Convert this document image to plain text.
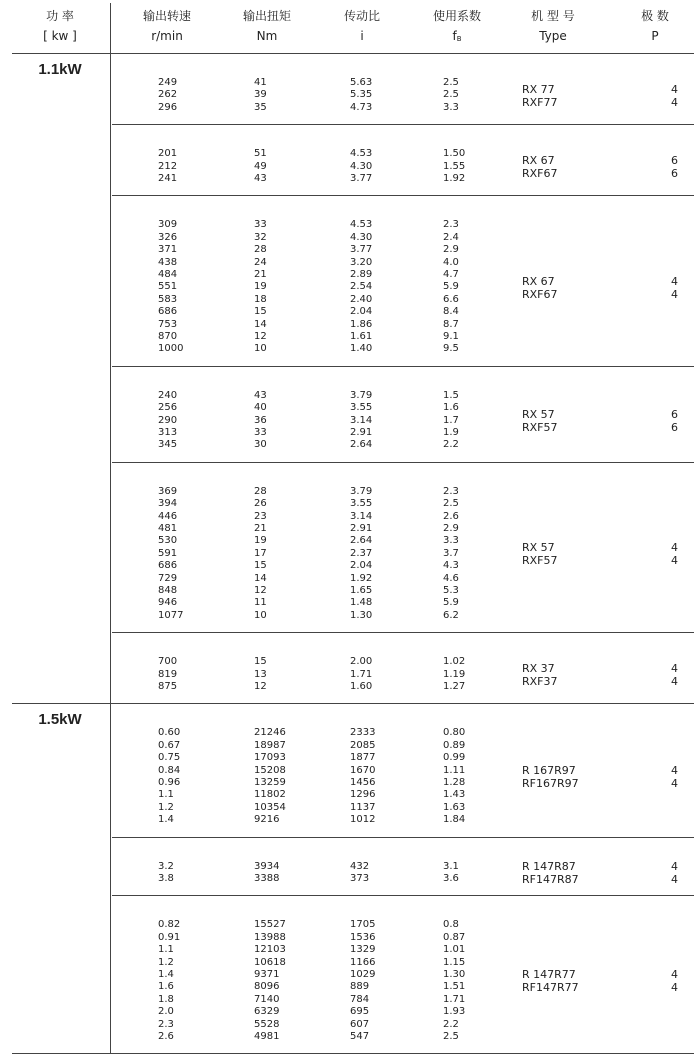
功 率
[ kw ]
输出转速
r/min
输出扭矩
Nm
传动比
i
使用系数
$f_B$
机 型 号
Type
极 数
P
1.1kW
249
262
296
41
39
35
5.63
5.35
4.73
2.5
2.5
3.3
RX 77
RXF77
4
4
201
212
241
51
49
43
4.53
4.30
3.77
1.50
1.55
1.92
RX 67
RXF67
6
6
309
326
371
438
484
551
583
686
753
870
1000
33
32
28
24
21
19
18
15
14
12
10
4.53
4.30
3.77
3.20
2.89
2.54
2.40
2.04
1.86
1.61
1.40
2.3
2.4
2.9
4.0
4.7
5.9
6.6
8.4
8.7
9.1
9.5
RX 67
RXF67
4
4
240
256
290
313
345
43
40
36
33
30
3.79
3.55
3.14
2.91
2.64
1.5
1.6
1.7
1.9
2.2
RX 57
RXF57
6
6
369
394
446
481
530
591
686
729
848
946
1077
28
26
23
21
19
17
15
14
12
11
10
3.79
3.55
3.14
2.91
2.64
2.37
2.04
1.92
1.65
1.48
1.30
2.3
2.5
2.6
2.9
3.3
3.7
4.3
4.6
5.3
5.9
6.2
RX 57
RXF57
4
4
700
819
875
15
13
12
2.00
1.71
1.60
1.02
1.19
1.27
RX 37
RXF37
4
4
1.5kW
0.60
0.67
0.75
0.84
0.96
1.1
1.2
1.4
21246
18987
17093
15208
13259
11802
10354
9216
2333
2085
1877
1670
1456
1296
1137
1012
0.80
0.89
0.99
1.11
1.28
1.43
1.63
1.84
R 167R97
RF167R97
4
4
3.2
3.8
3934
3388
432
373
3.1
3.6
R 147R87
RF147R87
4
4
0.82
0.91
1.1
1.2
1.4
1.6
1.8
2.0
2.3
2.6
15527
13988
12103
10618
9371
8096
7140
6329
5528
4981
1705
1536
1329
1166
1029
889
784
695
607
547
0.8
0.87
1.01
1.15
1.30
1.51
1.71
1.93
2.2
2.5
R 147R77
RF147R77
4
4
